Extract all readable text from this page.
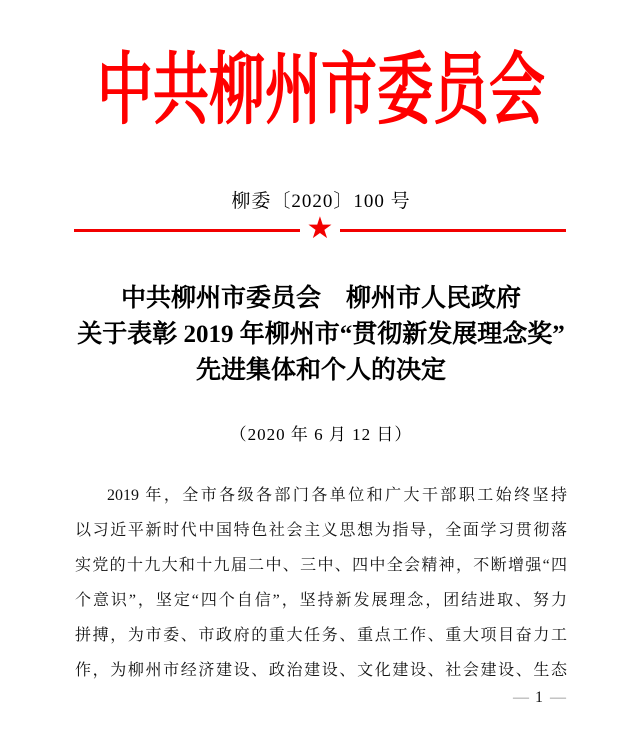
中共柳州市委员会
柳委〔2020〕100 号
★
中共柳州市委员会　柳州市人民政府
关于表彰 2019 年柳州市“贯彻新发展理念奖”
先进集体和个人的决定
（2020 年 6 月 12 日）
2019 年，全市各级各部门各单位和广大干部职工始终坚持
以习近平新时代中国特色社会主义思想为指导，全面学习贯彻落
实党的十九大和十九届二中、三中、四中全会精神，不断增强“四
个意识”，坚定“四个自信”，坚持新发展理念，团结进取、努力
拼搏，为市委、市政府的重大任务、重点工作、重大项目奋力工
作，为柳州市经济建设、政治建设、文化建设、社会建设、生态
— 1 —
